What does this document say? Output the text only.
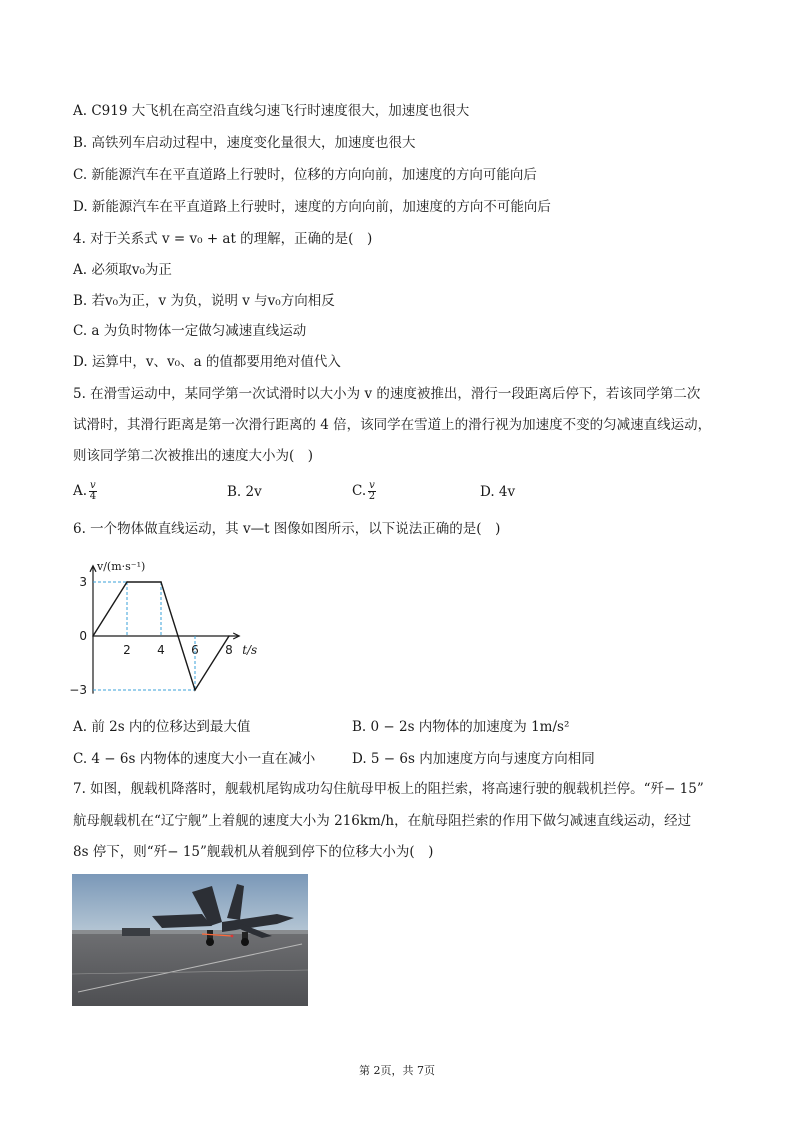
A. C919 大飞机在高空沿直线匀速飞行时速度很大，加速度也很大
B. 高铁列车启动过程中，速度变化量很大，加速度也很大
C. 新能源汽车在平直道路上行驶时，位移的方向向前，加速度的方向可能向后
D. 新能源汽车在平直道路上行驶时，速度的方向向前，加速度的方向不可能向后
4. 对于关系式 v = v₀ + at 的理解，正确的是(　)
A. 必须取v₀为正
B. 若v₀为正，v 为负，说明 v 与v₀方向相反
C. a 为负时物体一定做匀减速直线运动
D. 运算中，v、v₀、a 的值都要用绝对值代入
5. 在滑雪运动中，某同学第一次试滑时以大小为 v 的速度被推出，滑行一段距离后停下，若该同学第二次
试滑时，其滑行距离是第一次滑行距离的 4 倍，该同学在雪道上的滑行视为加速度不变的匀减速直线运动，
则该同学第二次被推出的速度大小为(　)
A. $\frac{v}{4}$	B. 2v	C. $\frac{v}{2}$	D. 4v
6. 一个物体做直线运动，其 v—t 图像如图所示，以下说法正确的是(　)
v/(m·s⁻¹)
t/s
3
0
−3
2 4 6 8
A. 前 2s 内的位移达到最大值	B. 0 − 2s 内物体的加速度为 1m/s²
C. 4 − 6s 内物体的速度大小一直在减小	D. 5 − 6s 内加速度方向与速度方向相同
7. 如图，舰载机降落时，舰载机尾钩成功勾住航母甲板上的阻拦索，将高速行驶的舰载机拦停。“歼− 15”
航母舰载机在“辽宁舰”上着舰的速度大小为 216km/h，在航母阻拦索的作用下做匀减速直线运动，经过
8s 停下，则“歼− 15”舰载机从着舰到停下的位移大小为(　)
第 2页，共 7页
